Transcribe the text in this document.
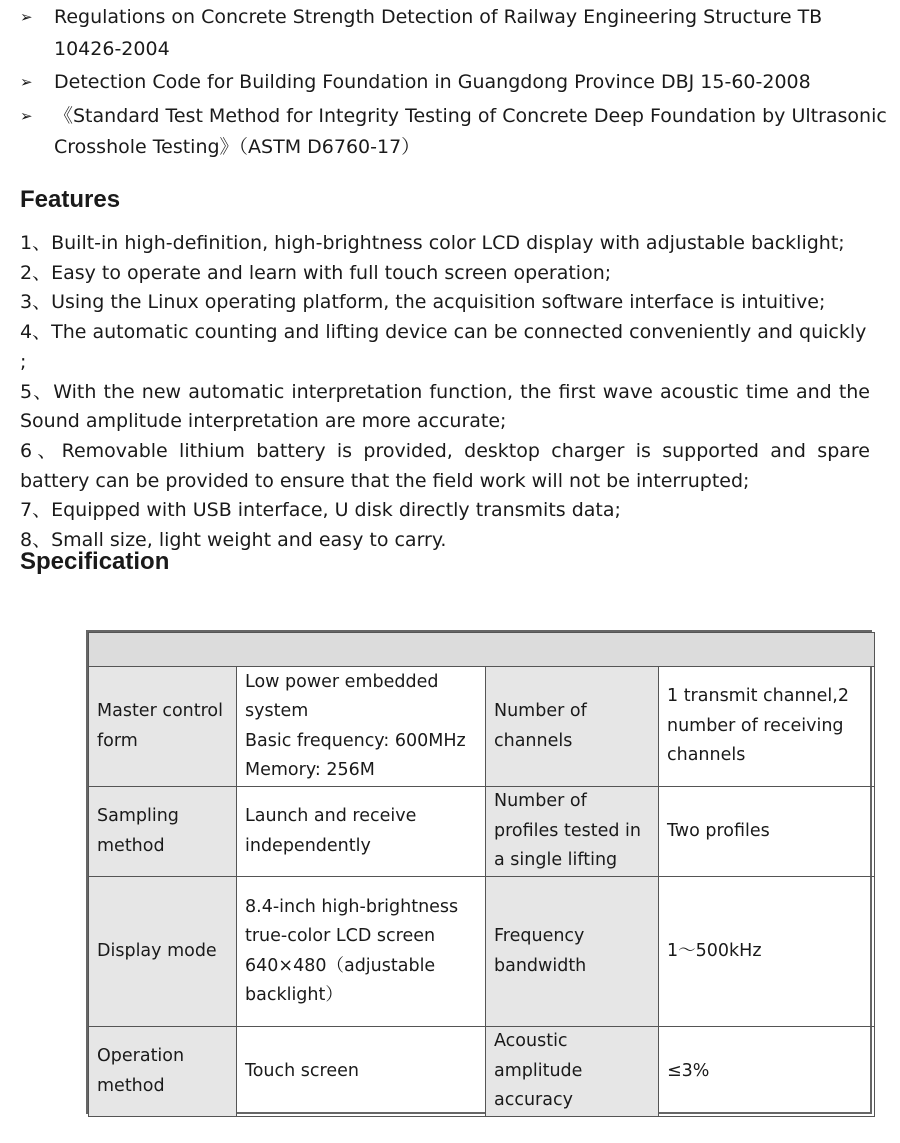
➢ Regulations on Concrete Strength Detection of Railway Engineering Structure TB 10426-2004
➢ Detection Code for Building Foundation in Guangdong Province DBJ 15-60-2008
➢ 《Standard Test Method for Integrity Testing of Concrete Deep Foundation by Ultrasonic Crosshole Testing》（ASTM D6760-17）
Features

1、Built-in high-definition, high-brightness color LCD display with adjustable backlight;

2、Easy to operate and learn with full touch screen operation;

3、Using the Linux operating platform, the acquisition software interface is intuitive;

4、The automatic counting and lifting device can be connected conveniently and quickly ;

5、With the new automatic interpretation function, the first wave acoustic time and the Sound amplitude interpretation are more accurate;

6、Removable lithium battery is provided, desktop charger is supported and spare battery can be provided to ensure that the field work will not be interrupted;

7、Equipped with USB interface, U disk directly transmits data;

8、Small size, light weight and easy to carry.

Specification

Master control form	Low power embedded system
Basic frequency: 600MHz
Memory: 256M	Number of channels	1 transmit channel,2 number of receiving channels
Sampling method	Launch and receive independently	Number of profiles tested in a single lifting	Two profiles
Display mode	8.4-inch high-brightness true-color LCD screen 640×480（adjustable backlight）	Frequency bandwidth	1～500kHz
Operation method	Touch screen	Acoustic amplitude accuracy	≤3%
